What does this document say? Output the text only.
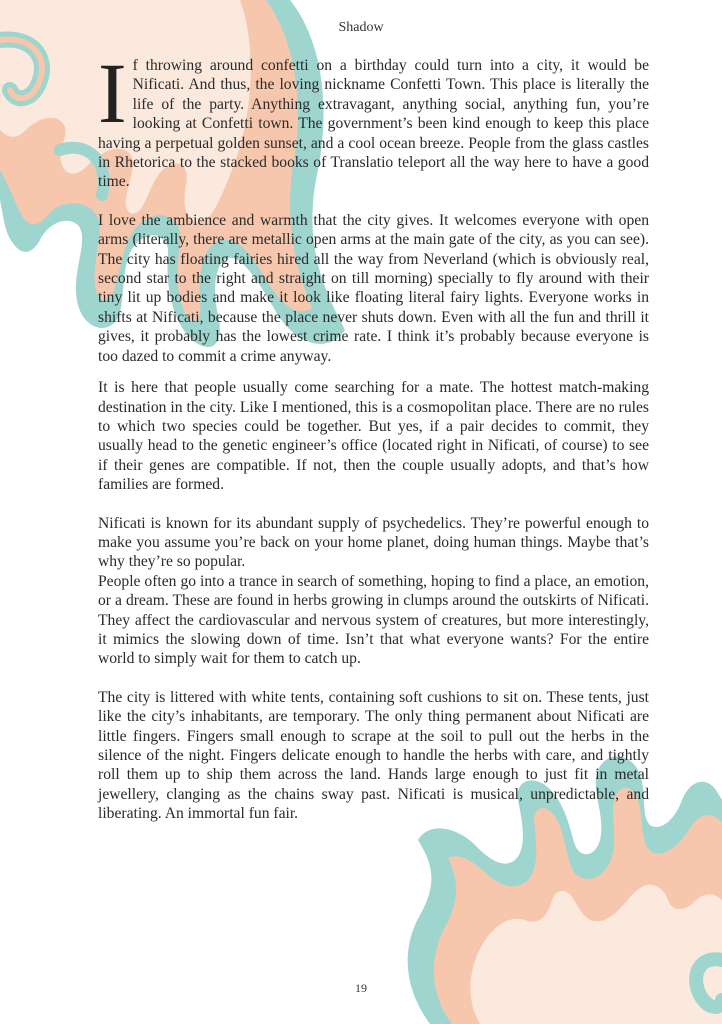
Shadow

If throwing around confetti on a birthday could turn into a city, it would be Nificati. And thus, the loving nickname Confetti Town. This place is literally the life of the party. Anything extravagant, anything social, anything fun, you’re looking at Confetti town. The government’s been kind enough to keep this place having a perpetual golden sunset, and a cool ocean breeze. People from the glass castles in Rhetorica to the stacked books of Translatio teleport all the way here to have a good time.

I love the ambience and warmth that the city gives. It welcomes everyone with open arms (literally, there are metallic open arms at the main gate of the city, as you can see). The city has floating fairies hired all the way from Neverland (which is obviously real, second star to the right and straight on till morning) specially to fly around with their tiny lit up bodies and make it look like floating literal fairy lights. Everyone works in shifts at Nificati, because the place never shuts down. Even with all the fun and thrill it gives, it probably has the lowest crime rate. I think it’s probably because everyone is too dazed to commit a crime anyway.

It is here that people usually come searching for a mate. The hottest match-making destination in the city. Like I mentioned, this is a cosmopolitan place. There are no rules to which two species could be together. But yes, if a pair decides to commit, they usually head to the genetic engineer’s office (located right in Nificati, of course) to see if their genes are compatible. If not, then the couple usually adopts, and that’s how families are formed.

Nificati is known for its abundant supply of psychedelics. They’re powerful enough to make you assume you’re back on your home planet, doing human things. Maybe that’s why they’re so popular.

People often go into a trance in search of something, hoping to find a place, an emotion, or a dream. These are found in herbs growing in clumps around the outskirts of Nificati. They affect the cardiovascular and nervous system of creatures, but more interestingly, it mimics the slowing down of time. Isn’t that what everyone wants? For the entire world to simply wait for them to catch up.

The city is littered with white tents, containing soft cushions to sit on. These tents, just like the city’s inhabitants, are temporary. The only thing permanent about Nificati are little fingers. Fingers small enough to scrape at the soil to pull out the herbs in the silence of the night. Fingers delicate enough to handle the herbs with care, and tightly roll them up to ship them across the land. Hands large enough to just fit in metal jewellery, clanging as the chains sway past. Nificati is musical, unpredictable, and liberating. An immortal fun fair.

19
